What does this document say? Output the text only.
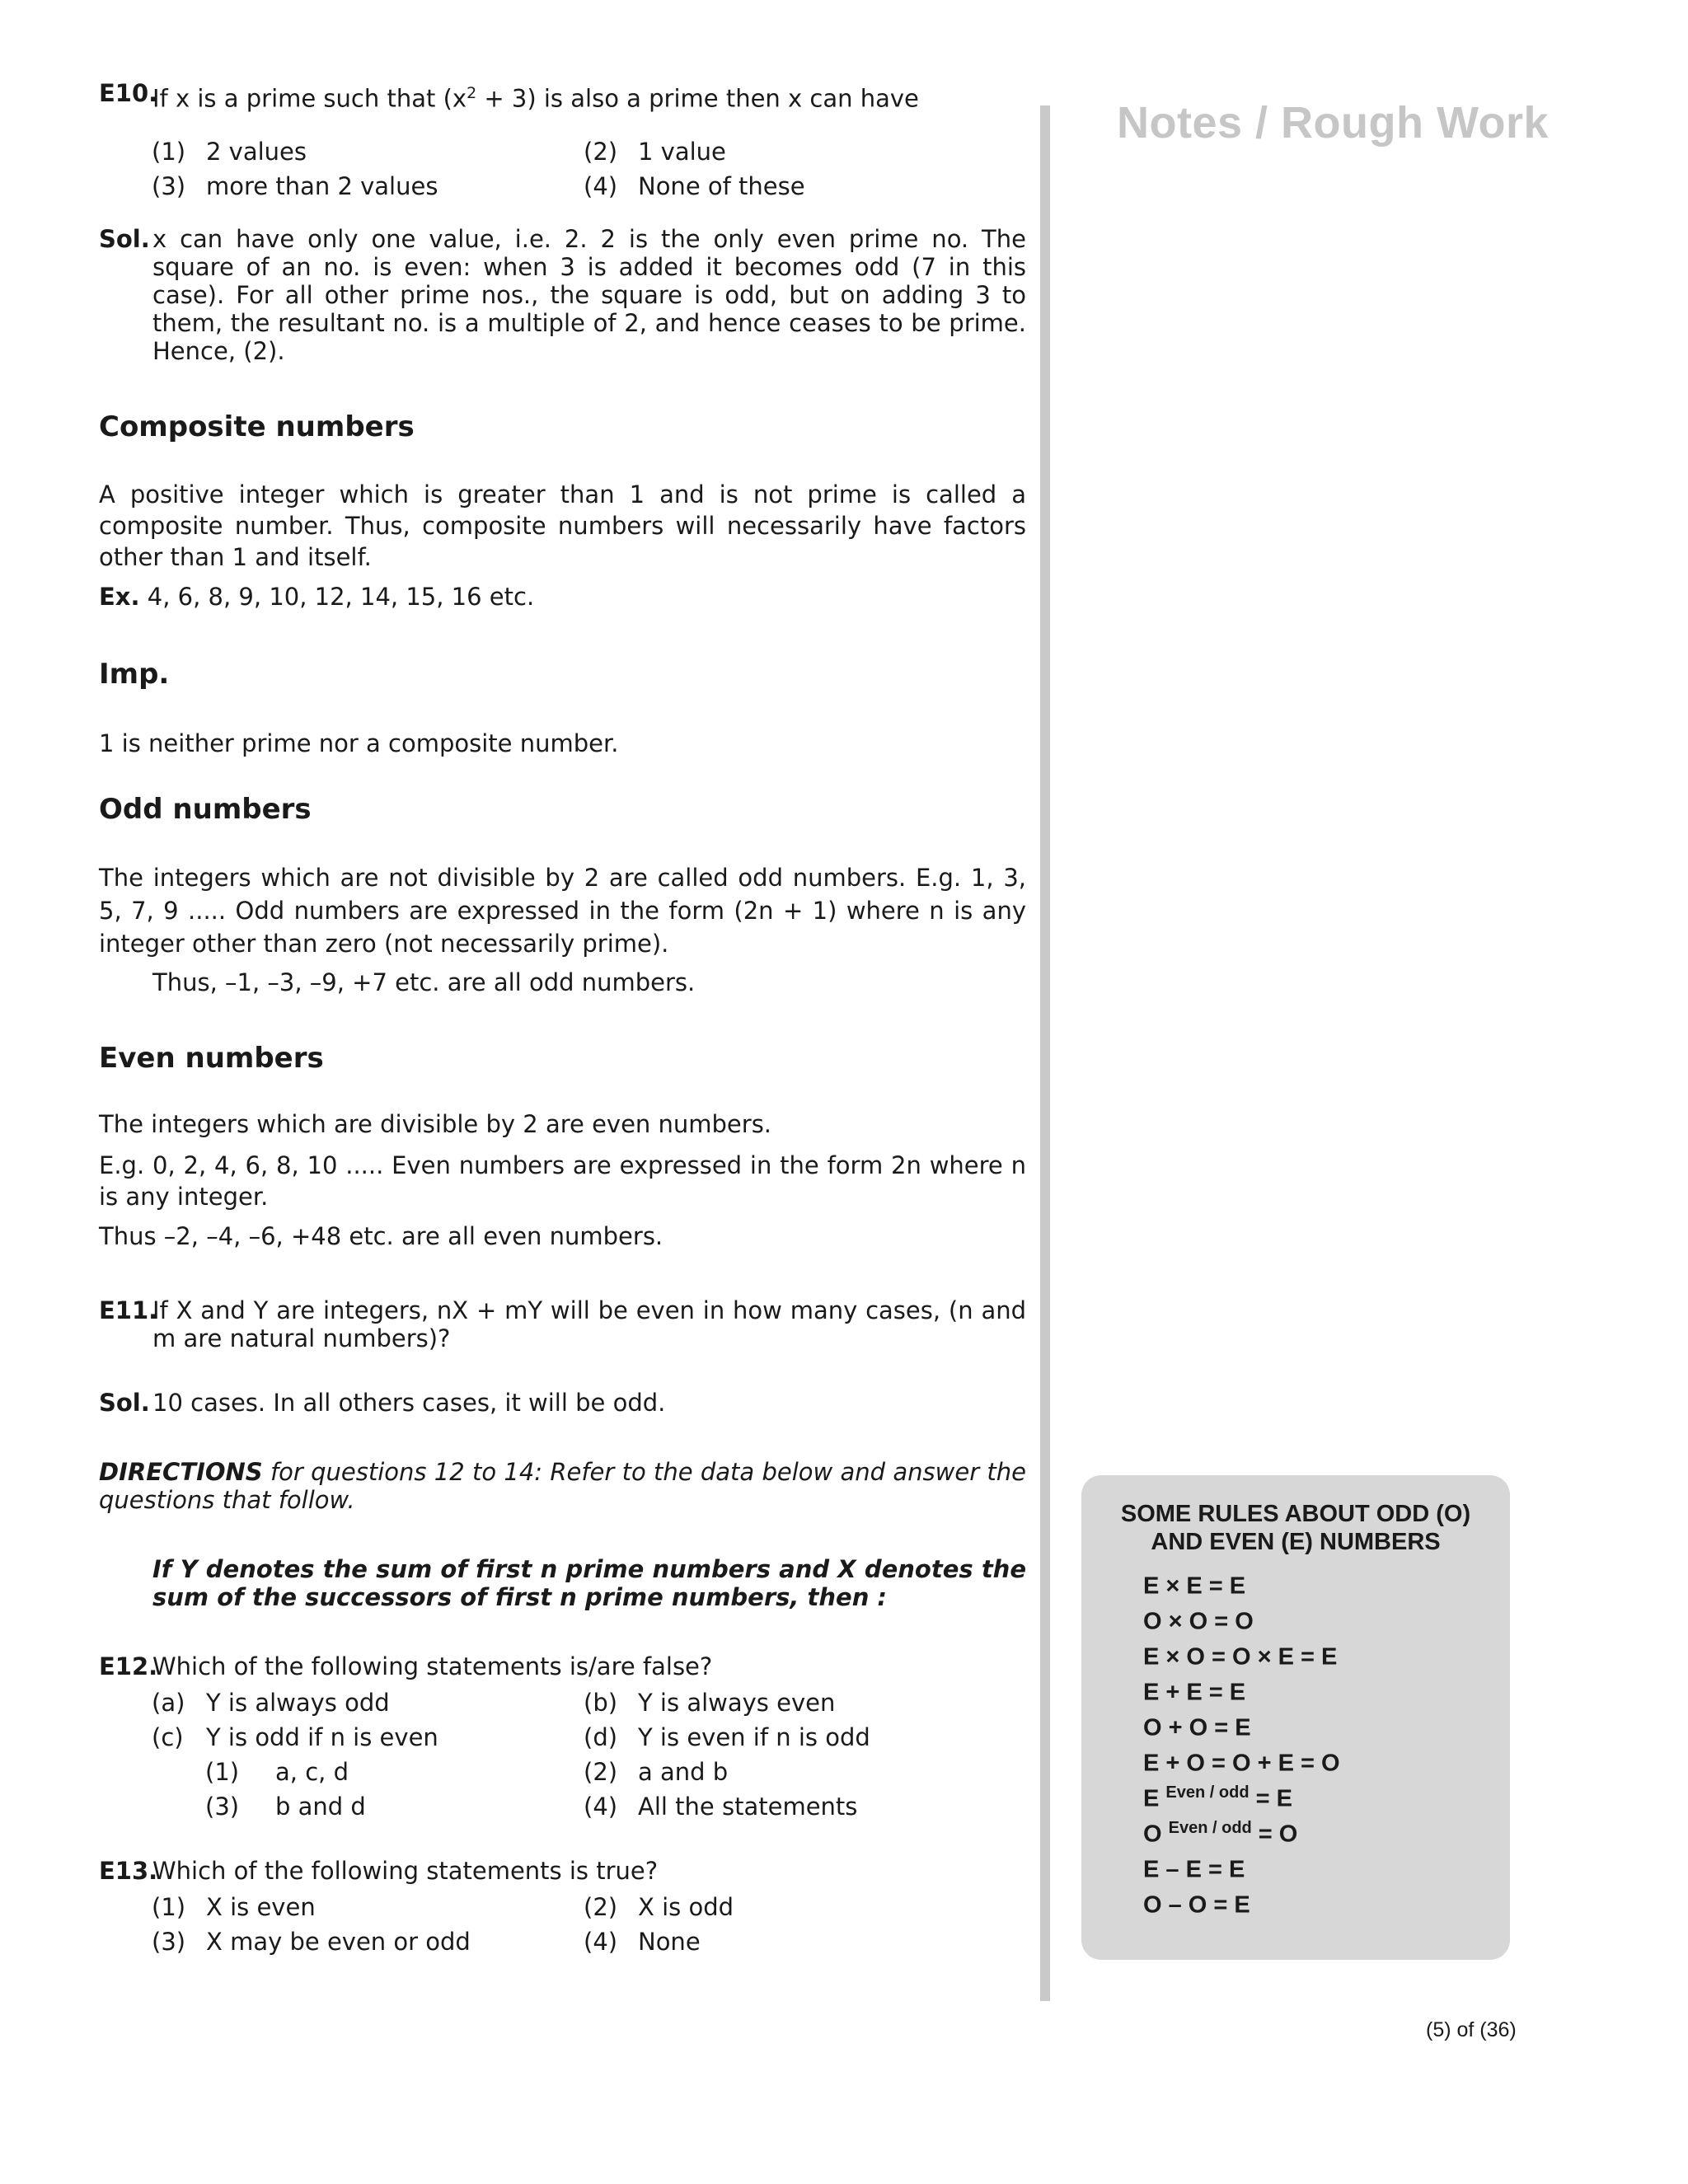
Notes / Rough Work
E10.
If x is a prime such that $(x^2 + 3)$ is also a prime then x can have
(1) 2 values	(2) 1 value
(3) more than 2 values	(4) None of these
Sol. x can have only one value, i.e. 2. 2 is the only even prime no. The square of an no. is even: when 3 is added it becomes odd (7 in this case). For all other prime nos., the square is odd, but on adding 3 to them, the resultant no. is a multiple of 2, and hence ceases to be prime. Hence, (2).

Composite numbers

A positive integer which is greater than 1 and is not prime is called a composite number. Thus, composite numbers will necessarily have factors other than 1 and itself.

Ex. 4, 6, 8, 9, 10, 12, 14, 15, 16 etc.

Imp.

1 is neither prime nor a composite number.

Odd numbers

The integers which are not divisible by 2 are called odd numbers. E.g. 1, 3, 5, 7, 9 ..... Odd numbers are expressed in the form (2n + 1) where n is any integer other than zero (not necessarily prime).

Thus, –1, –3, –9, +7 etc. are all odd numbers.

Even numbers

The integers which are divisible by 2 are even numbers.

E.g. 0, 2, 4, 6, 8, 10 ..... Even numbers are expressed in the form 2n where n is any integer.

Thus –2, –4, –6, +48 etc. are all even numbers.

E11.
If X and Y are integers, nX + mY will be even in how many cases, (n and m are natural numbers)?
Sol. 10 cases. In all others cases, it will be odd.

DIRECTIONS for questions 12 to 14: Refer to the data below and answer the questions that follow.

If Y denotes the sum of first n prime numbers and X denotes the sum of the successors of first n prime numbers, then :

E12.
Which of the following statements is/are false?
(a) Y is always odd	(b) Y is always even
(c) Y is odd if n is even	(d) Y is even if n is odd
(1)	a, c, d	(2) a and b
(3)	b and d	(4) All the statements
E13.
Which of the following statements is true?
(1) X is even	(2) X is odd
(3) X may be even or odd	(4) None
SOME RULES ABOUT ODD (O) AND EVEN (E) NUMBERS
E × E = E
O × O = O
E × O = O × E = E
E + E = E
O + O = E
E + O = O + E = O
E $^{Even / odd}$ = E
O $^{Even / odd}$ = O
E – E = E
O – O = E
(5) of (36)
